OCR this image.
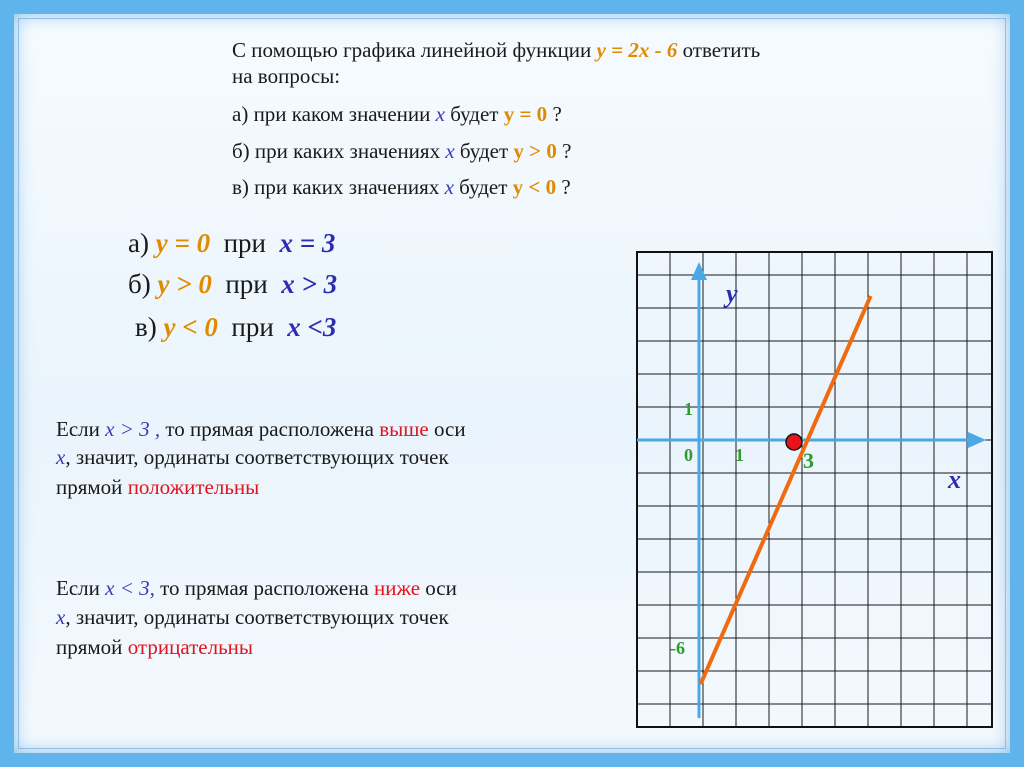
С помощью графика линейной функции y = 2x - 6 ответить
на вопросы:
а) при каком значении x будет y = 0 ?
б) при каких значениях x будет y > 0 ?
в) при каких значениях x будет y < 0 ?
а) y = 0 при x = 3
б) y > 0 при x > 3
в) y < 0 при x <3
Если x > 3 , то прямая расположена выше оси
x, значит, ординаты соответствующих точек
прямой положительны
Если x < 3, то прямая расположена ниже оси
x, значит, ординаты соответствующих точек
прямой отрицательны
y
x
1
0 1	3
-6
